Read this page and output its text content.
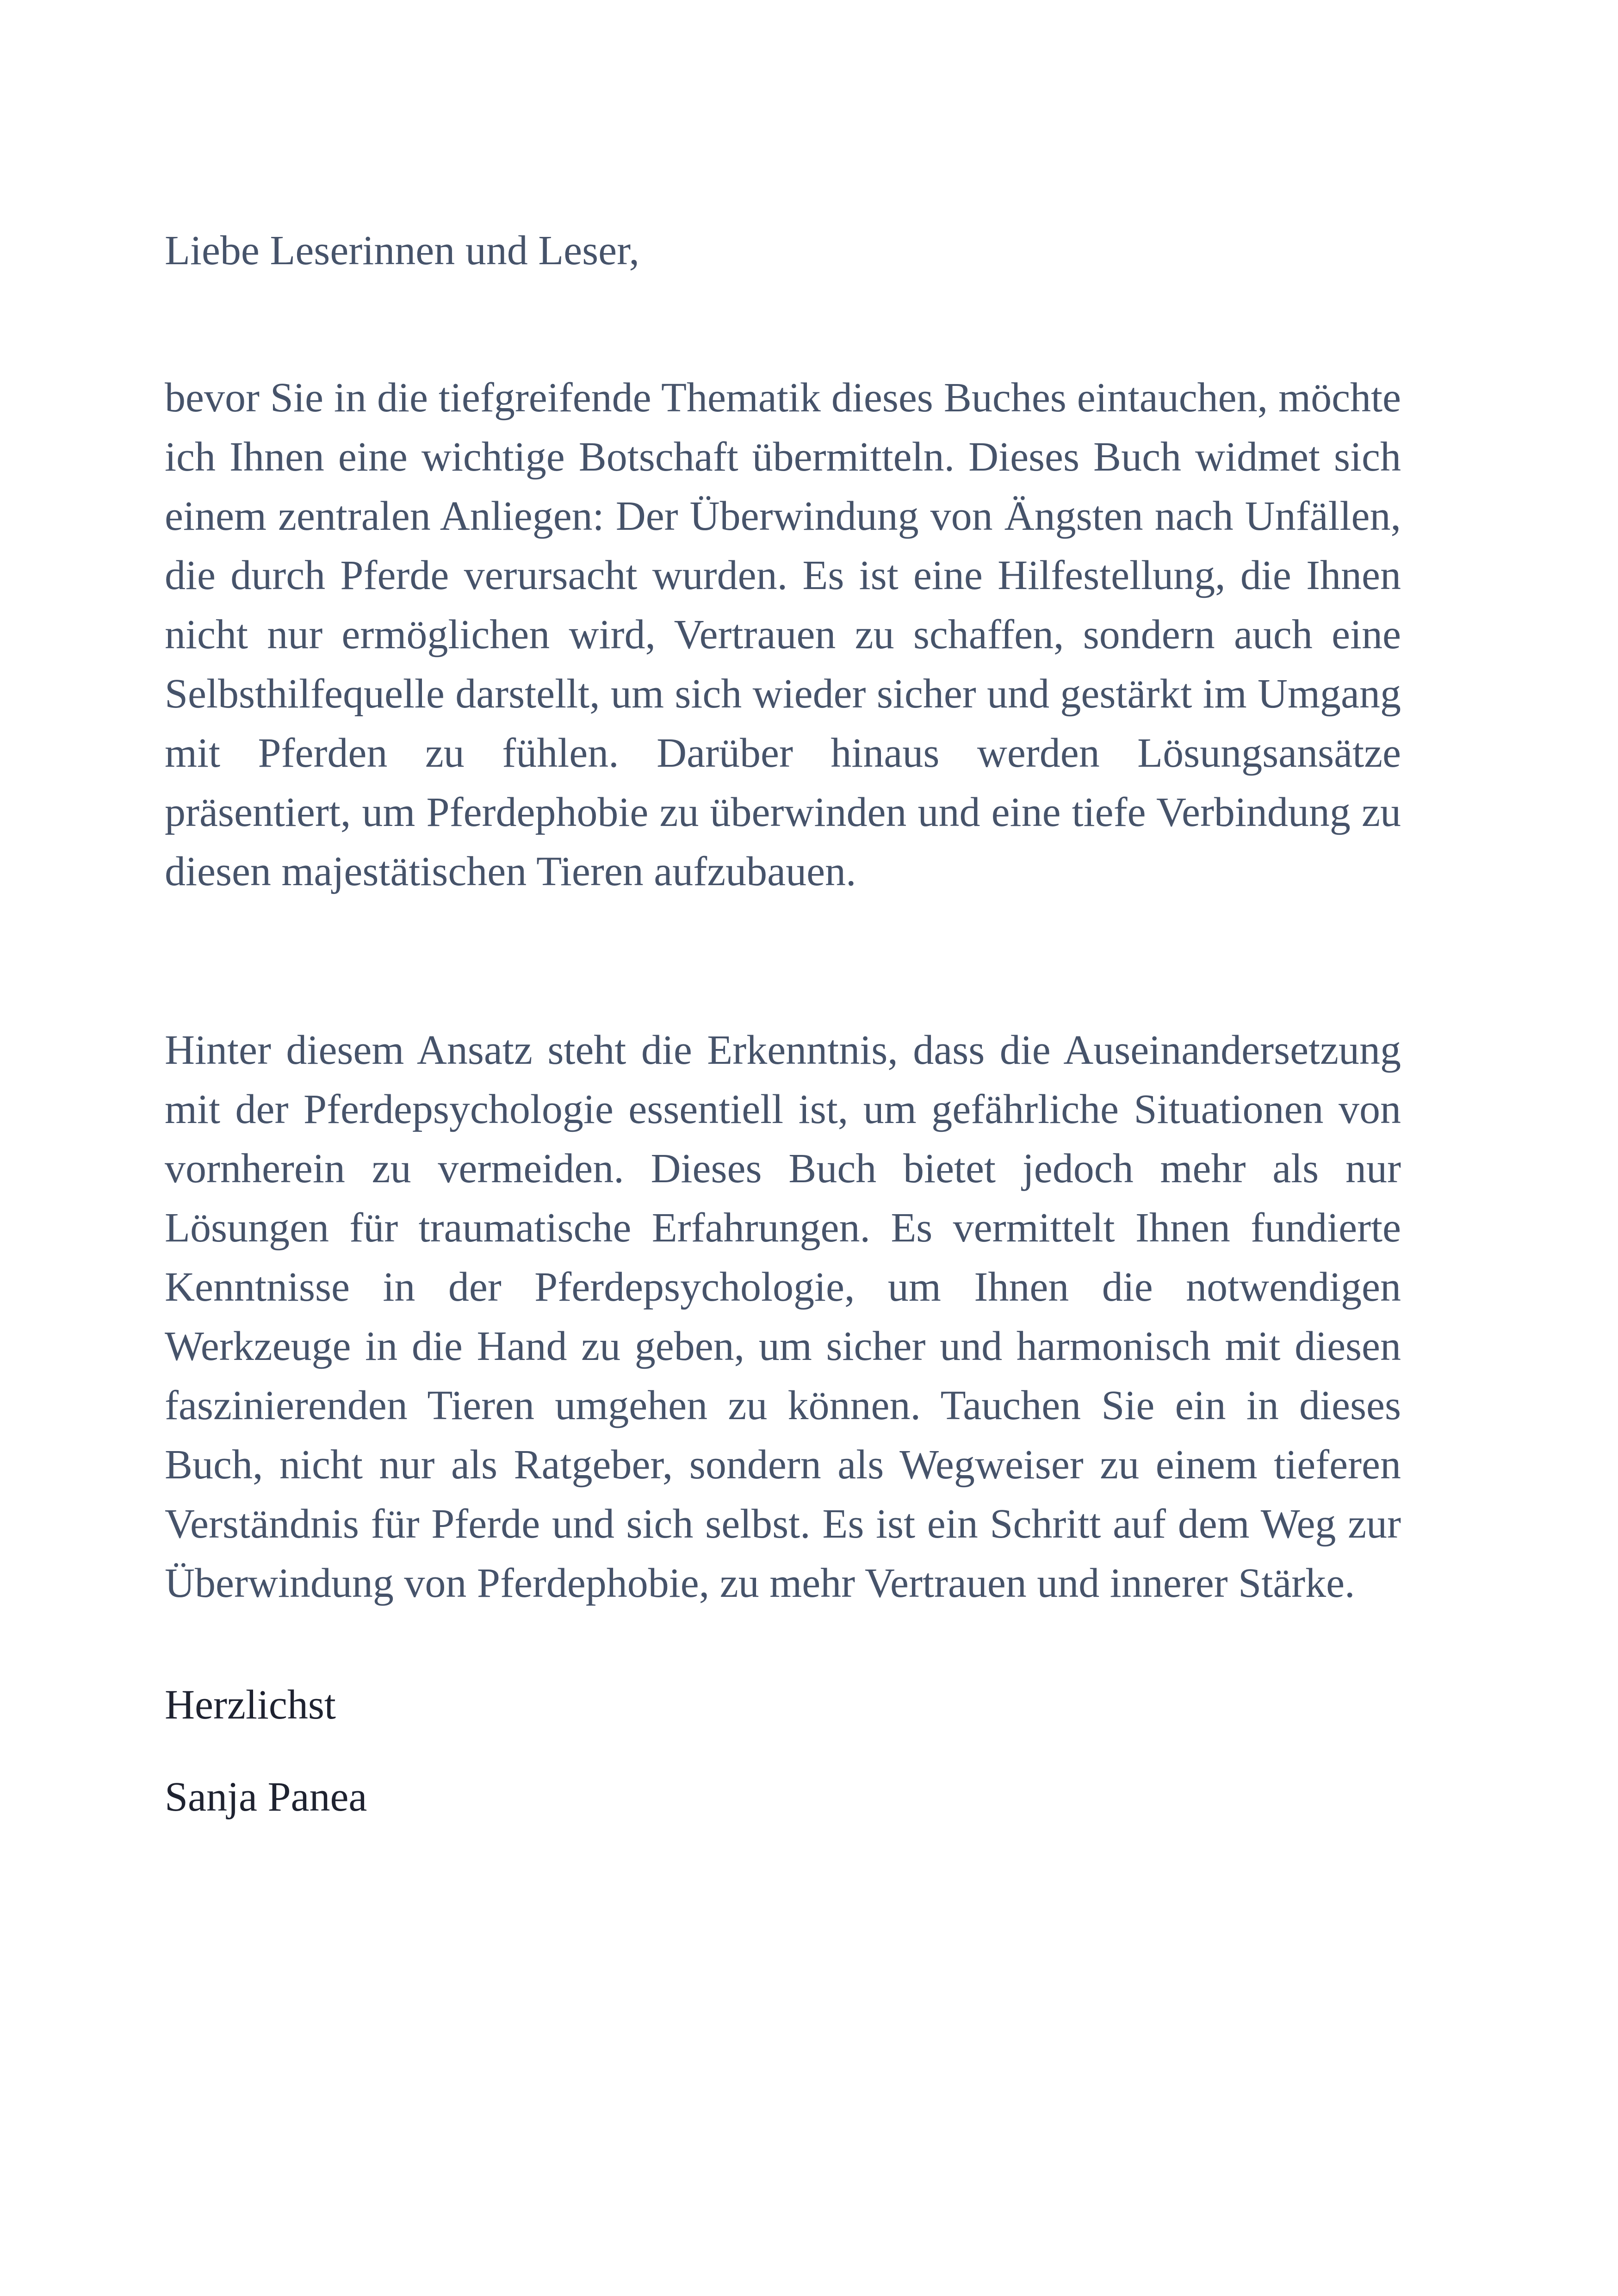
Liebe Leserinnen und Leser,
bevor Sie in die tiefgreifende Thematik dieses Buches eintauchen, möchte ich Ihnen eine wichtige Botschaft übermitteln. Dieses Buch widmet sich einem zentralen Anliegen: Der Überwindung von Ängsten nach Unfällen, die durch Pferde verursacht wurden. Es ist eine Hilfestellung, die Ihnen nicht nur ermöglichen wird, Vertrauen zu schaffen, sondern auch eine Selbsthilfequelle darstellt, um sich wieder sicher und gestärkt im Umgang mit Pferden zu fühlen. Darüber hinaus werden Lösungsansätze präsentiert, um Pferdephobie zu überwinden und eine tiefe Verbindung zu diesen majestätischen Tieren aufzubauen.
Hinter diesem Ansatz steht die Erkenntnis, dass die Auseinandersetzung mit der Pferdepsychologie essentiell ist, um gefährliche Situationen von vornherein zu vermeiden. Dieses Buch bietet jedoch mehr als nur Lösungen für traumatische Erfahrungen. Es vermittelt Ihnen fundierte Kenntnisse in der Pferdepsychologie, um Ihnen die notwendigen Werkzeuge in die Hand zu geben, um sicher und harmonisch mit diesen faszinierenden Tieren umgehen zu können. Tauchen Sie ein in dieses Buch, nicht nur als Ratgeber, sondern als Wegweiser zu einem tieferen Verständnis für Pferde und sich selbst. Es ist ein Schritt auf dem Weg zur Überwindung von Pferdephobie, zu mehr Vertrauen und innerer Stärke.
Herzlichst
Sanja Panea
